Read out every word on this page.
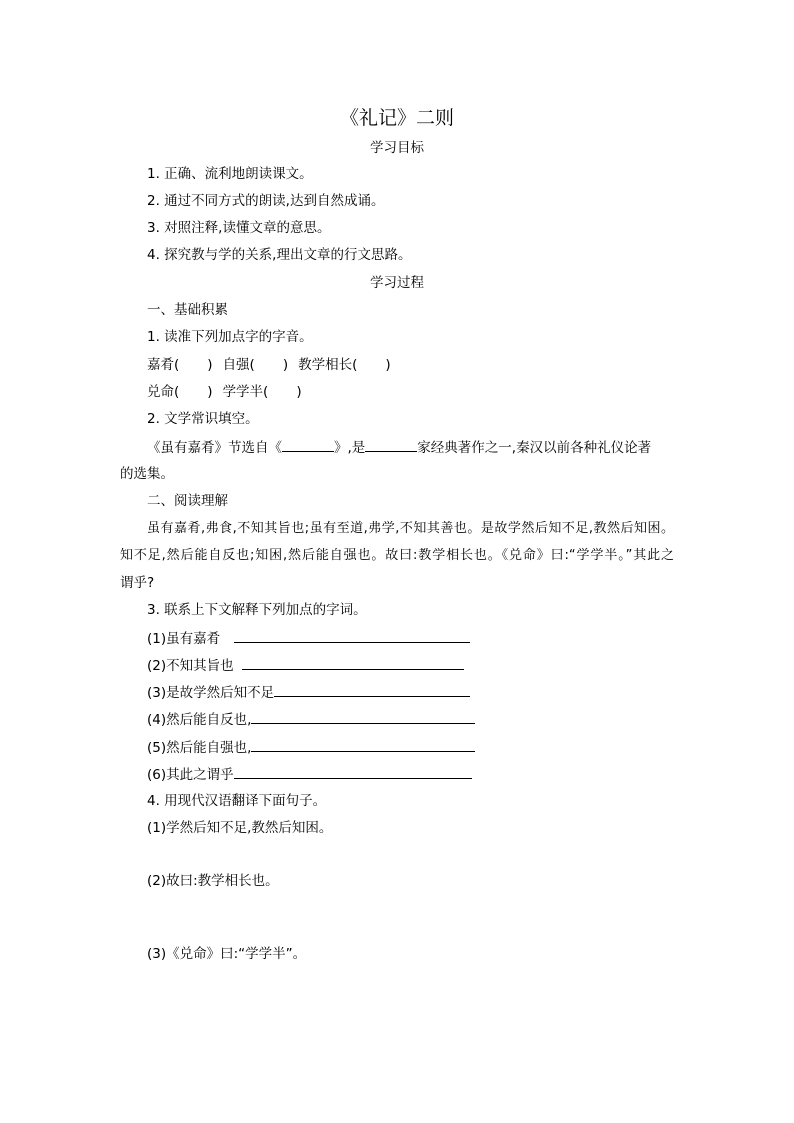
《礼记》二则
学习目标
1. 正确、流利地朗读课文。
2. 通过不同方式的朗读,达到自然成诵。
3. 对照注释,读懂文章的意思。
4. 探究教与学的关系,理出文章的行文思路。
学习过程
一、基础积累
1. 读准下列加点字的字音。
嘉肴( ) 自强( ) 教学相长( )
兑命( ) 学学半( )
2. 文学常识填空。
《虽有嘉肴》节选自《	》,是	家经典著作之一,秦汉以前各种礼仪论著
的选集。
二、阅读理解
虽有嘉肴,弗食,不知其旨也;虽有至道,弗学,不知其善也。是故学然后知不足,教然后知困。
知不足,然后能自反也;知困,然后能自强也。故曰:教学相长也。《兑命》曰:“学学半。”其此之
谓乎?
3. 联系上下文解释下列加点的字词。
(1)虽有嘉肴
(2)不知其旨也
(3)是故学然后知不足
(4)然后能自反也,
(5)然后能自强也,
(6)其此之谓乎
4. 用现代汉语翻译下面句子。
(1)学然后知不足,教然后知困。
(2)故曰:教学相长也。
(3)《兑命》曰:“学学半”。
